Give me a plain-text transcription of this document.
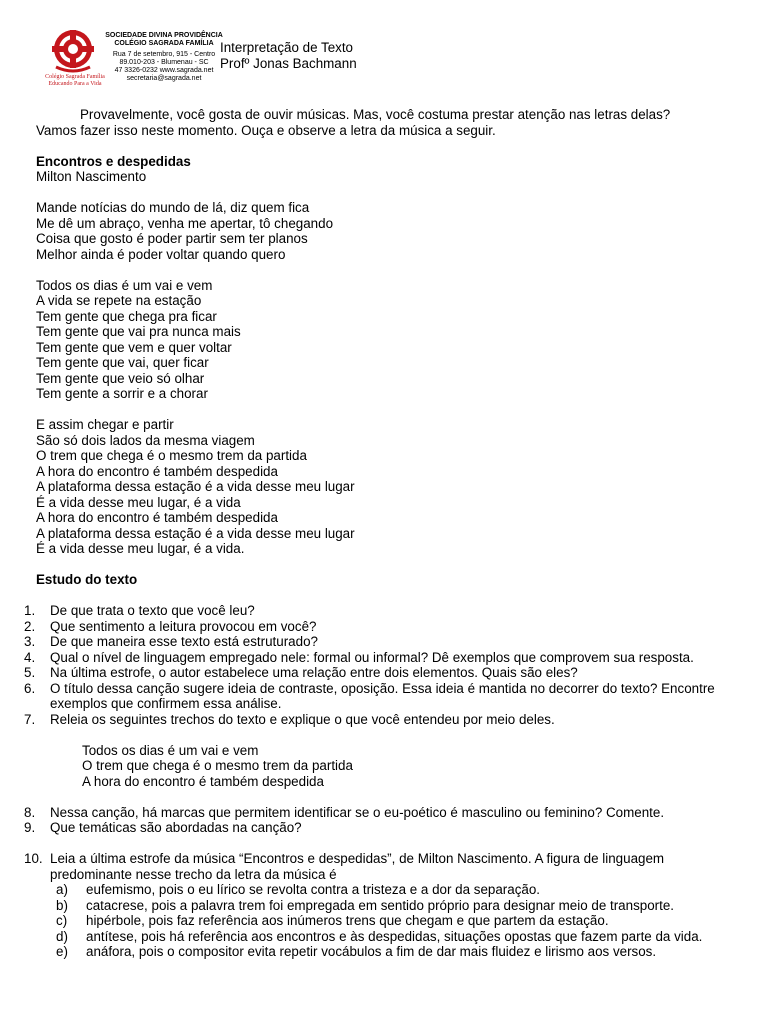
Colégio Sagrada Família
Educando Para a Vida
SOCIEDADE DIVINA PROVIDÊNCIA
COLÉGIO SAGRADA FAMÍLIA
Rua 7 de setembro, 915 - Centro
89.010-203 - Blumenau - SC
47 3326-0232 www.sagrada.net
secretaria@sagrada.net
Interpretação de Texto
Profº Jonas Bachmann

Provavelmente, você gosta de ouvir músicas. Mas, você costuma prestar atenção nas letras delas?

Vamos fazer isso neste momento. Ouça e observe a letra da música a seguir.

Encontros e despedidas

Milton Nascimento

Mande notícias do mundo de lá, diz quem fica

Me dê um abraço, venha me apertar, tô chegando

Coisa que gosto é poder partir sem ter planos

Melhor ainda é poder voltar quando quero

Todos os dias é um vai e vem

A vida se repete na estação

Tem gente que chega pra ficar

Tem gente que vai pra nunca mais

Tem gente que vem e quer voltar

Tem gente que vai, quer ficar

Tem gente que veio só olhar

Tem gente a sorrir e a chorar

E assim chegar e partir

São só dois lados da mesma viagem

O trem que chega é o mesmo trem da partida

A hora do encontro é também despedida

A plataforma dessa estação é a vida desse meu lugar

É a vida desse meu lugar, é a vida

A hora do encontro é também despedida

A plataforma dessa estação é a vida desse meu lugar

É a vida desse meu lugar, é a vida.

Estudo do texto

1.	De que trata o texto que você leu?
2.	Que sentimento a leitura provocou em você?
3.	De que maneira esse texto está estruturado?
4.	Qual o nível de linguagem empregado nele: formal ou informal? Dê exemplos que comprovem sua resposta.
5.	Na última estrofe, o autor estabelece uma relação entre dois elementos. Quais são eles?
6.	O título dessa canção sugere ideia de contraste, oposição. Essa ideia é mantida no decorrer do texto? Encontre exemplos que confirmem essa análise.
7.	Releia os seguintes trechos do texto e explique o que você entendeu por meio deles.

Todos os dias é um vai e vem

O trem que chega é o mesmo trem da partida

A hora do encontro é também despedida

8.	Nessa canção, há marcas que permitem identificar se o eu-poético é masculino ou feminino? Comente.
9.	Que temáticas são abordadas na canção?
10. Leia a última estrofe da música “Encontros e despedidas”, de Milton Nascimento. A figura de linguagem predominante nesse trecho da letra da música é
a)	eufemismo, pois o eu lírico se revolta contra a tristeza e a dor da separação.
b)	catacrese, pois a palavra trem foi empregada em sentido próprio para designar meio de transporte.
c)	hipérbole, pois faz referência aos inúmeros trens que chegam e que partem da estação.
d)	antítese, pois há referência aos encontros e às despedidas, situações opostas que fazem parte da vida.
e)	anáfora, pois o compositor evita repetir vocábulos a fim de dar mais fluidez e lirismo aos versos.
